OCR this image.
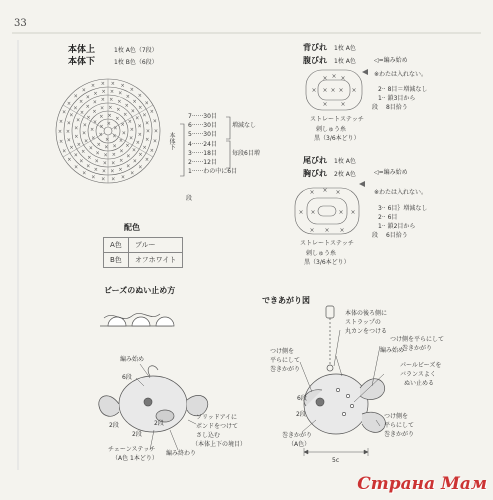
33
本体上	1枚 A色（7段）
本体下	1枚 B色（6段）
×
×
×
×
×
×
× ×
×
×
×
×
×
×
×
×
×
×
× ×
×
×
×
×
×
×
×
×
×
×
×
×
×
×
×
×
× ×
×
×
×
×
×
×
×
×
×
×
×
×
×
×
×
×
×
×
×
×
× ×
× ×
×
×
×
×
×
×
×
×
×
×
×
×
×
×
×
×
×
×
×
×
×
×
×
×
×
×
× ×
× ×
×
×
×
×
×
×
×
×
×
×
×
×
×
×
×
×
×
×
×
×
×
×
×
×
×
×
× ×
7······30目
6······30目
5······30目
4······24目
3······18目
2······12目
1······わの中に6目
増減なし
毎段6目増
本体下
段
配色
A色	ブルー
B色	オフホワイト
背びれ 1枚 A色
腹びれ 1枚 A色	◁=編み始め
※わたは入れない。
2·· 8目＝増減なし
1·· 鎖3目から
段　 8目拾う
ストレートステッチ
刺しゅう糸
黒（3/6本どり）
× × ×
× × ×
×	×
× ×
尾びれ 1枚 A色
胸びれ 2枚 A色	◁=編み始め
※わたは入れない。
3·· 6目｝増減なし
2·· 6目
1·· 鎖2目から
段　 6目拾う
ストレートステッチ
刺しゅう糸
黒（3/6本どり）
× × ×
× ×	× ×
× × ×
ビーズのぬい止め方
編み始め
6段
2段
2段
2段
ソリッドアイに
ボンドをつけて
さし込む
（本体上下の境目）
チェーンステッチ
（A色 1本どり）
編み終わり
できあがり図
本体の後ろ側に
ストラップの
丸カンをつける
編み始め
つけ側を
平らにして
巻きかがり
つけ側を平らにして
巻きかがり
パールビーズを
バランスよく
ぬい止める
6段
2段
巻きかがり
（A色）
つけ側を
平らにして
巻きかがり
5c
Страна Мам
